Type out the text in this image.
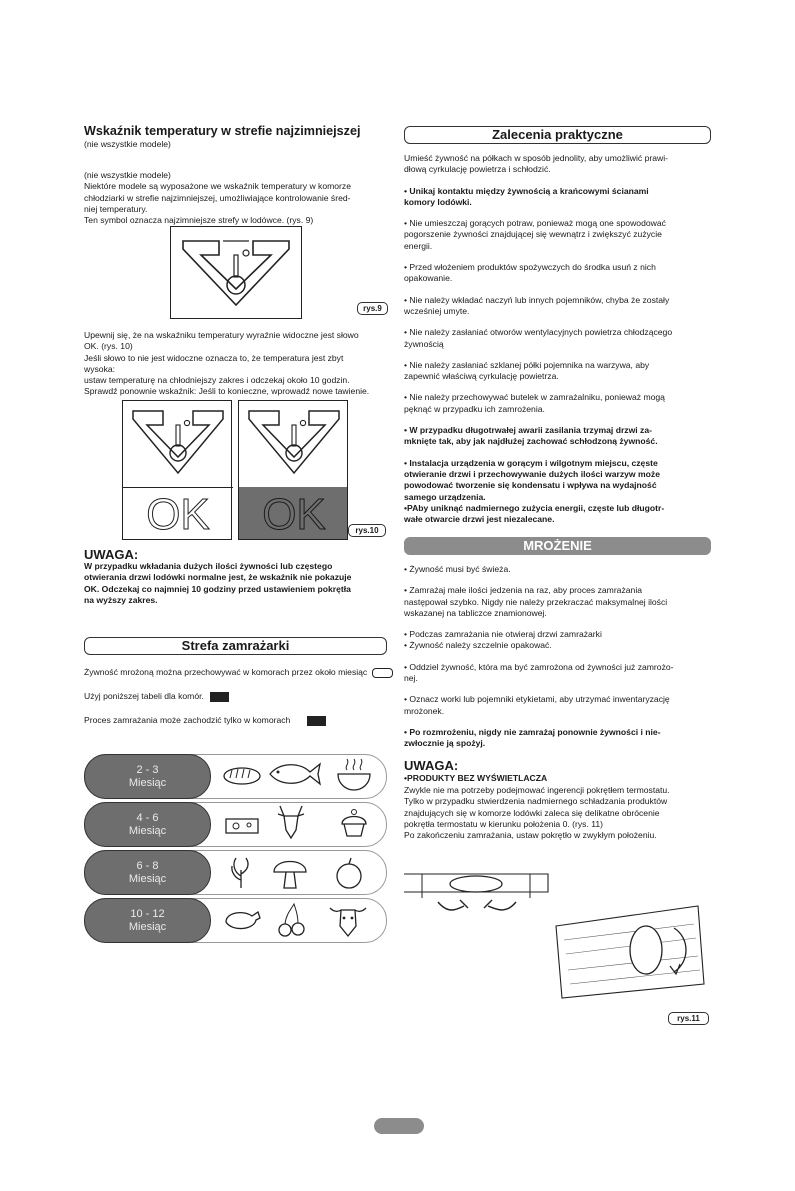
Wskaźnik temperatury w strefie najzimniejszej
(nie wszystkie modele)

(nie wszystkie modele)

Niektóre modele są wyposażone we wskaźnik temperatury w komorze

chłodziarki w strefie najzimniejszej, umożliwiające kontrolowanie śred-

niej temperatury.

Ten symbol oznacza najzimniejsze strefy w lodówce. (rys. 9)

rys.9

Upewnij się, że na wskaźniku temperatury wyraźnie widoczne jest słowo

OK. (rys. 10)

Jeśli słowo to nie jest widoczne oznacza to, że temperatura jest zbyt

wysoka:

ustaw temperaturę na chłodniejszy zakres i odczekaj około 10 godzin.

Sprawdź ponownie wskaźnik: Jeśli to konieczne, wprowadź nowe tawienie.

OK	OK	rys.10
UWAGA:

W przypadku wkładania dużych ilości żywności lub częstego

otwierania drzwi lodówki normalne jest, że wskaźnik nie pokazuje

OK. Odczekaj co najmniej 10 godziny przed ustawieniem pokrętła

na wyższy zakres.

Strefa zamrażarki
Żywność mrożoną można przechowywać w komorach przez około miesiąc
Użyj poniższej tabeli dla komór.
Proces zamrażania może zachodzić tylko w komorach
2 - 3
Miesiąc
4 - 6
Miesiąc
6 - 8
Miesiąc
10 - 12
Miesiąc
Zalecenia praktyczne

Umieść żywność na półkach w sposób jednolity, aby umożliwić prawi-
dłową cyrkulację powietrza i schłodzić.

• Unikaj kontaktu między żywnością a krańcowymi ścianami
komory lodówki.

• Nie umieszczaj gorących potraw, ponieważ mogą one spowodować
pogorszenie żywności znajdującej się wewnątrz i zwiększyć zużycie
energii.

• Przed włożeniem produktów spożywczych do środka usuń z nich
opakowanie.

• Nie należy wkładać naczyń lub innych pojemników, chyba że zostały
wcześniej umyte.

• Nie należy zasłaniać otworów wentylacyjnych powietrza chłodzącego
żywnością

• Nie należy zasłaniać szklanej półki pojemnika na warzywa, aby
zapewnić właściwą cyrkulację powietrza.

• Nie należy przechowywać butelek w zamrażalniku, ponieważ mogą
pęknąć w przypadku ich zamrożenia.

• W przypadku długotrwałej awarii zasilania trzymaj drzwi za-
mknięte tak, aby jak najdłużej zachować schłodzoną żywność.

• Instalacja urządzenia w gorącym i wilgotnym miejscu, częste
otwieranie drzwi i przechowywanie dużych ilości warzyw może
powodować tworzenie się kondensatu i wpływa na wydajność
samego urządzenia.
•PAby uniknąć nadmiernego zużycia energii, częste lub długotr-
wałe otwarcie drzwi jest niezalecane.

MROŻENIE

• Żywność musi być świeża.

• Zamrażaj małe ilości jedzenia na raz, aby proces zamrażania
następował szybko. Nigdy nie należy przekraczać maksymalnej ilości
wskazanej na tabliczce znamionowej.

• Podczas zamrażania nie otwieraj drzwi zamrażarki
• Żywność należy szczelnie opakować.

• Oddziel żywność, która ma być zamrożona od żywności już zamrożo-
nej.

• Oznacz worki lub pojemniki etykietami, aby utrzymać inwentaryzację
mrożonek.

• Po rozmrożeniu, nigdy nie zamrażaj ponownie żywności i nie-
zwłocznie ją spożyj.

UWAGA:
•PRODUKTY BEZ WYŚWIETLACZA
Zwykle nie ma potrzeby podejmować ingerencji pokrętłem termostatu.
Tylko w przypadku stwierdzenia nadmiernego schładzania produktów
znajdujących się w komorze lodówki zaleca się delikatne obrócenie
pokrętła termostatu w kierunku położenia 0. (rys. 11)
Po zakończeniu zamrażania, ustaw pokrętło w zwykłym położeniu.
rys.11
